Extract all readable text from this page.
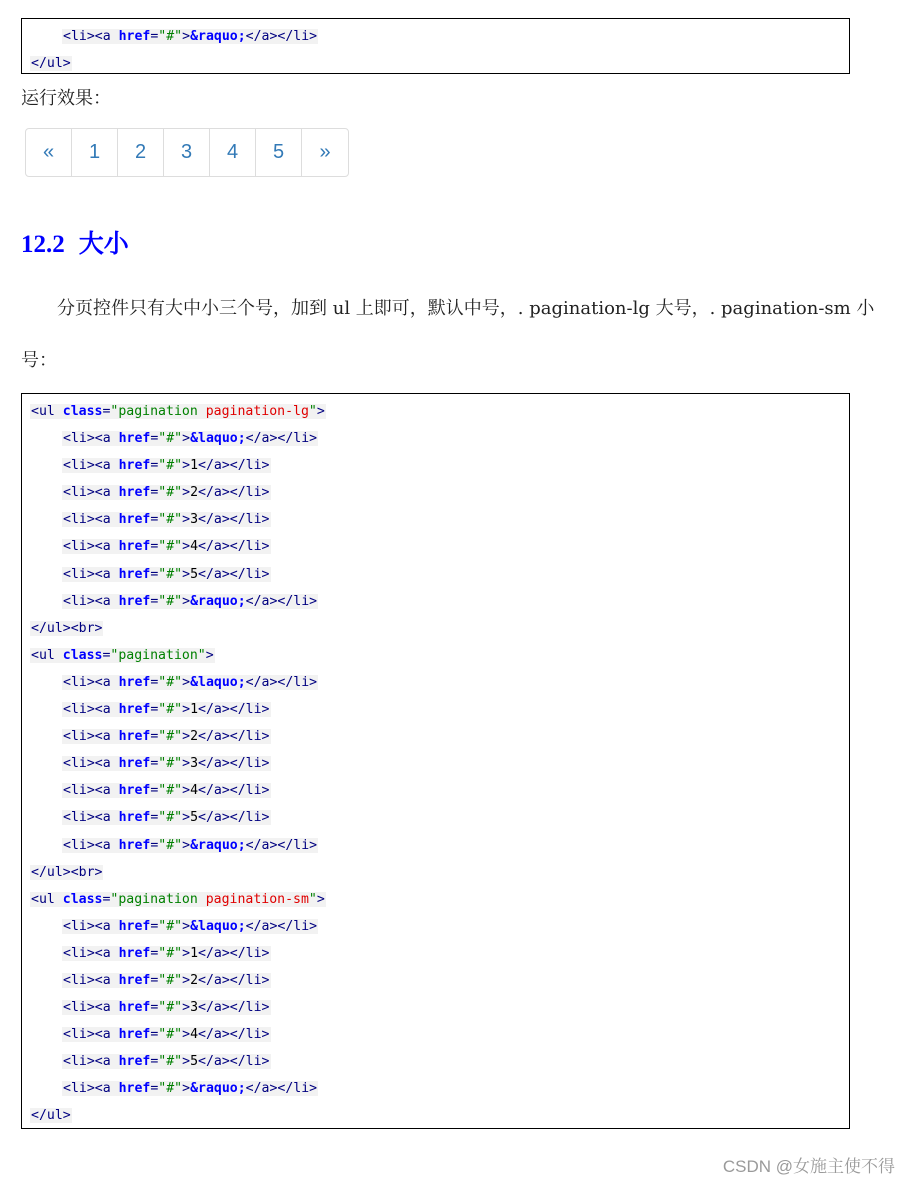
<li><a href="#">&raquo;</a></li>
</ul>
运行效果：
«	1	2	3	4	5	»
12.2 大小
分页控件只有大中小三个号，加到 ul 上即可，默认中号，. pagination-lg 大号，. pagination-sm 小
号：
<ul class="pagination pagination-lg">
<li><a href="#">&laquo;</a></li>
<li><a href="#">1</a></li>
<li><a href="#">2</a></li>
<li><a href="#">3</a></li>
<li><a href="#">4</a></li>
<li><a href="#">5</a></li>
<li><a href="#">&raquo;</a></li>
</ul><br>
<ul class="pagination">
<li><a href="#">&laquo;</a></li>
<li><a href="#">1</a></li>
<li><a href="#">2</a></li>
<li><a href="#">3</a></li>
<li><a href="#">4</a></li>
<li><a href="#">5</a></li>
<li><a href="#">&raquo;</a></li>
</ul><br>
<ul class="pagination pagination-sm">
<li><a href="#">&laquo;</a></li>
<li><a href="#">1</a></li>
<li><a href="#">2</a></li>
<li><a href="#">3</a></li>
<li><a href="#">4</a></li>
<li><a href="#">5</a></li>
<li><a href="#">&raquo;</a></li>
</ul>
CSDN @女施主使不得
